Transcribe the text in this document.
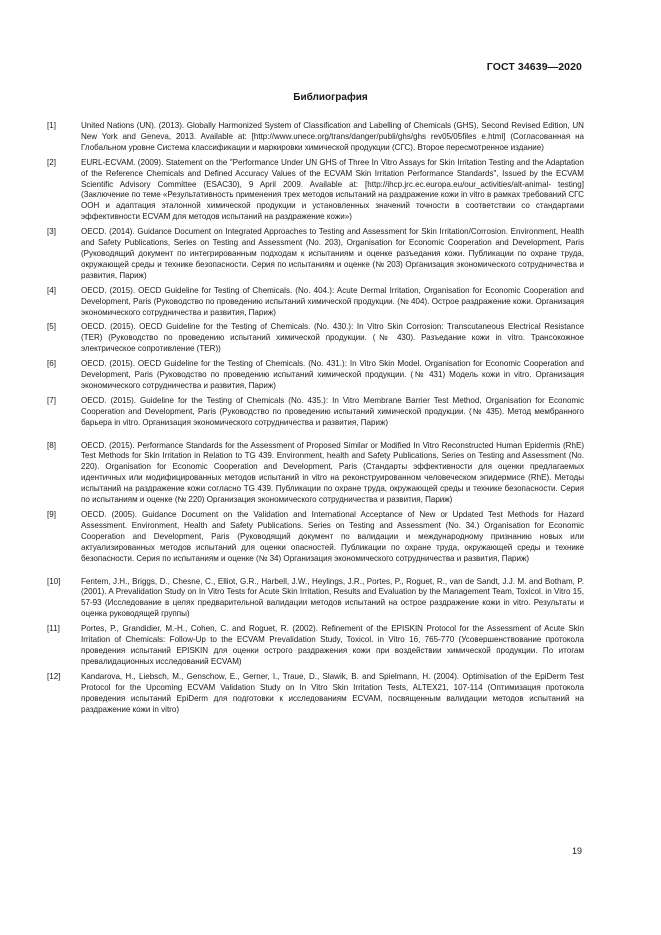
ГОСТ 34639—2020
Библиография
[1]	United Nations (UN). (2013). Globally Harmonized System of Classification and Labelling of Chemicals (GHS), Second Revised Edition, UN New York and Geneva, 2013. Available at: [http://www.unece.org/trans/danger/publi/ghs/ghs rev05/05files e.html] (Согласованная на Глобальном уровне Система классификации и маркировки химической продукции (СГС). Второе пересмотренное издание)
[2]	EURL-ECVAM. (2009). Statement on the "Performance Under UN GHS of Three In Vitro Assays for Skin Irritation Testing and the Adaptation of the Reference Chemicals and Defined Accuracy Values of the ECVAM Skin Irritation Performance Standards", Issued by the ECVAM Scientific Advisory Committee (ESAC30), 9 April 2009. Available at: [http://ihcp.jrc.ec.europa.eu/our_activities/alt-animal- testing] (Заключение по теме «Результативность применения трех методов испытаний на раздражение кожи in vitro в рамках требований СГС ООН и адаптация эталонной химической продукции и установленных значений точности в соответствии со стандартами эффективности ECVAM для методов испытаний на раздражение кожи»)
[3]	OECD. (2014). Guidance Document on Integrated Approaches to Testing and Assessment for Skin Irritation/Corrosion. Environment, Health and Safety Publications, Series on Testing and Assessment (No. 203), Organisation for Economic Cooperation and Development, Paris (Руководящий документ по интегрированным подходам к испытаниям и оценке разъедания кожи. Публикации по охране труда, окружающей среды и технике безопасности. Серия по испытаниям и оценке (№ 203) Организация экономического сотрудничества и развития, Париж)
[4]	OECD. (2015). OECD Guideline for Testing of Chemicals. (No. 404.): Acute Dermal Irritation, Organisation for Economic Cooperation and Development, Paris (Руководство по проведению испытаний химической продукции. (№ 404). Острое раздражение кожи. Организация экономического сотрудничества и развития, Париж)
[5]	OECD. (2015). OECD Guideline for the Testing of Chemicals. (No. 430.): In Vitro Skin Corrosion: Transcutaneous Electrical Resistance (TER) (Руководство по проведению испытаний химической продукции. (№ 430). Разъедание кожи in vitro. Трансокожное электрическое сопротивление (TER))
[6]	OECD. (2015). OECD Guideline for the Testing of Chemicals. (No. 431.): In Vitro Skin Model. Organisation for Economic Cooperation and Development, Paris (Руководство по проведению испытаний химической продукции. (№ 431) Модель кожи in vitro. Организация экономического сотрудничества и развития, Париж)
[7]	OECD. (2015). Guideline for the Testing of Chemicals (No. 435.): In Vitro Membrane Barrier Test Method, Organisation for Economic Cooperation and Development, Paris (Руководство по проведению испытаний химической продукции. (№ 435). Метод мембранного барьера in vitro. Организация экономического сотрудничества и развития, Париж)
[8]	OECD. (2015). Performance Standards for the Assessment of Proposed Similar or Modified In Vitro Reconstructed Human Epidermis (RhE) Test Methods for Skin Irritation in Relation to TG 439. Environment, health and Safety Publications, Series on Testing and Assessment (No. 220). Organisation for Economic Cooperation and Development, Paris (Стандарты эффективности для оценки предлагаемых идентичных или модифицированных методов испытаний in vitro на реконструированном человеческом эпидермисе (RhE). Методы испытаний на раздражение кожи согласно TG 439. Публикации по охране труда, окружающей среды и технике безопасности. Серия по испытаниям и оценке (№ 220) Организация экономического сотрудничества и развития, Париж)
[9]	OECD. (2005). Guidance Document on the Validation and International Acceptance of New or Updated Test Methods for Hazard Assessment. Environment, Health and Safety Publications. Series on Testing and Assessment (No. 34.) Organisation for Economic Cooperation and Development, Paris (Руководящий документ по валидации и международному признанию новых или актуализированных методов испытаний для оценки опасностей. Публикации по охране труда, окружающей среды и технике безопасности. Серия по испытаниям и оценке (№ 34) Организация экономического сотрудничества и развития, Париж)
[10]	Fentem, J.H., Briggs, D., Chesne, C., Elliot, G.R., Harbell, J.W., Heylings, J.R., Portes, P., Roguet, R., van de Sandt, J.J. M. and Botham, P. (2001). A Prevalidation Study on In Vitro Tests for Acute Skin Irritation, Results and Evaluation by the Management Team, Toxicol. in Vitro 15, 57-93 (Исследование в целях предварительной валидации методов испытаний на острое раздражение кожи in vitro. Результаты и оценка руководящей группы)
[11]	Portes, P., Grandidier, M.-H., Cohen, C. and Roguet, R. (2002). Refinement of the EPISKIN Protocol for the Assessment of Acute Skin Irritation of Chemicals: Follow-Up to the ECVAM Prevalidation Study, Toxicol. in Vitro 16, 765-770 (Усовершенствование протокола проведения испытаний EPISKIN для оценки острого раздражения кожи при воздействии химической продукции. По итогам превалидационных исследований ECVAM)
[12]	Kandarova, H., Liebsch, M., Genschow, E., Gerner, I., Traue, D., Slawik, B. and Spielmann, H. (2004). Optimisation of the EpiDerm Test Protocol for the Upcoming ECVAM Validation Study on In Vitro Skin Irritation Tests, ALTEX21, 107-114 (Оптимизация протокола проведения испытаний EpiDerm для подготовки к исследованиям ECVAM, посвященным валидации методов испытаний на раздражение кожи in vitro)
19
